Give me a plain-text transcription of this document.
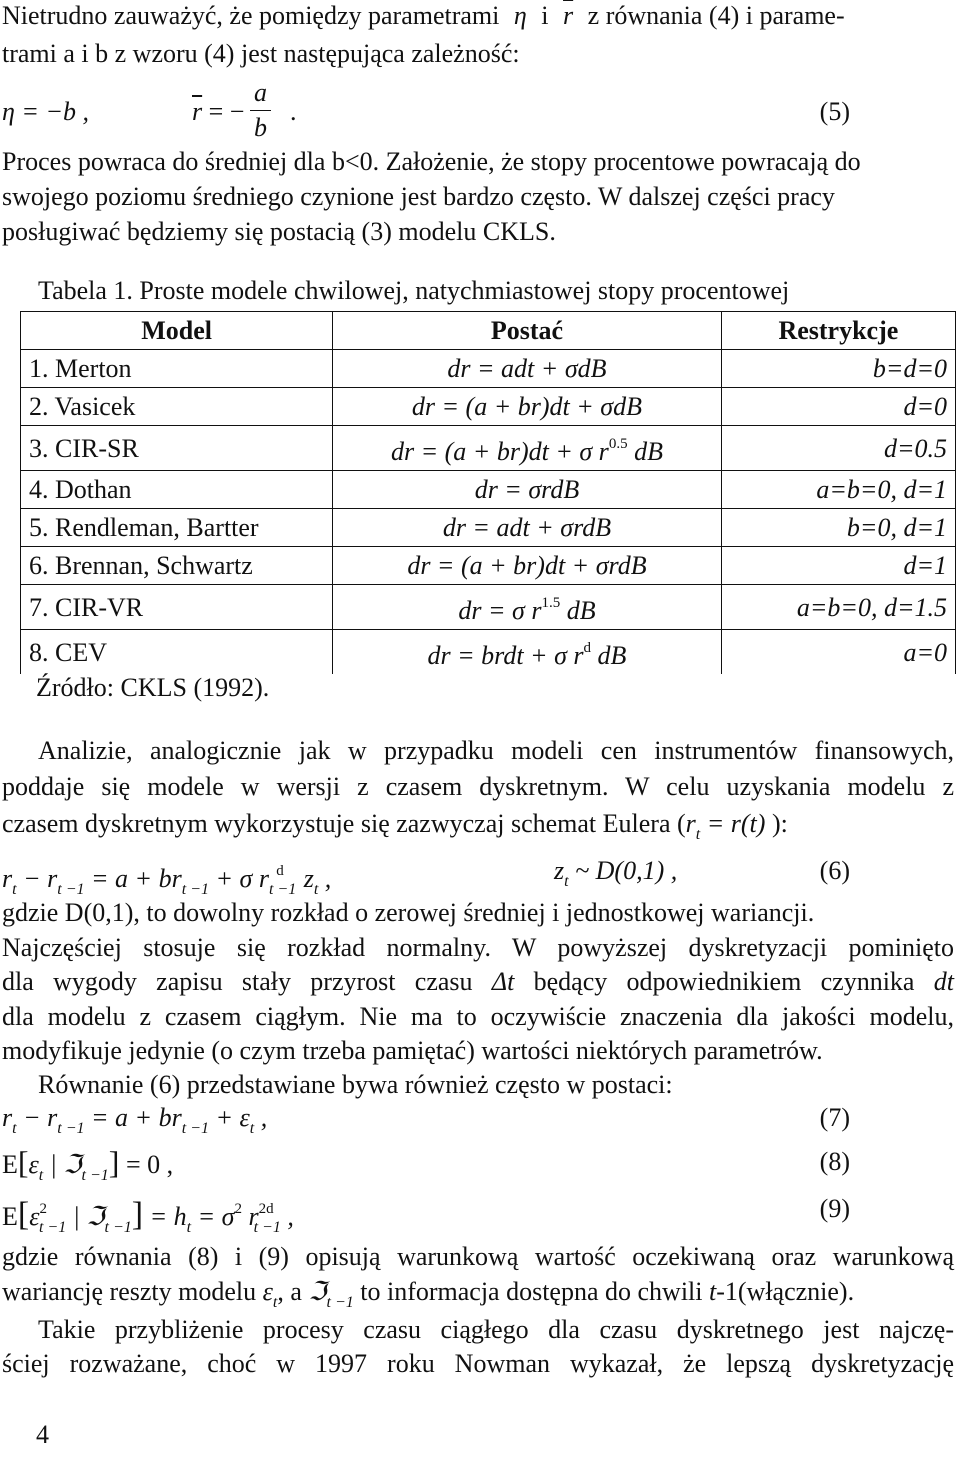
Nietrudno zauważyć, że pomiędzy parametrami η i $\overline{r}$ z równania (4) i parame-
trami a i b z wzoru (4) jest następująca zależność:
η = −b ,	$\overline{r}$ = − $\frac{a}{b}$ .	(5)
Proces powraca do średniej dla b<0. Założenie, że stopy procentowe powracają do
swojego poziomu średniego czynione jest bardzo często. W dalszej części pracy
posługiwać będziemy się postacią (3) modelu CKLS.
Tabela 1. Proste modele chwilowej, natychmiastowej stopy procentowej
Model	Postać	Restrykcje
1. Merton	dr = adt + σdB	b=d=0
2. Vasicek	dr = (a + br)dt + σdB	d=0
3. CIR-SR	dr = (a + br)dt + σ $r^{0.5}$ dB	d=0.5
4. Dothan	dr = σrdB	a=b=0, d=1
5. Rendleman, Bartter	dr = adt + σrdB	b=0, d=1
6. Brennan, Schwartz	dr = (a + br)dt + σrdB	d=1
7. CIR-VR	dr = σ $r^{1.5}$ dB	a=b=0, d=1.5
8. CEV	dr = brdt + σ $r^d$ dB	a=0
Źródło: CKLS (1992).
Analizie, analogicznie jak w przypadku modeli cen instrumentów finansowych,
poddaje się modele w wersji z czasem dyskretnym. W celu uzyskania modelu z
czasem dyskretnym wykorzystuje się zazwyczaj schemat Eulera ($r_t = r(t)$ ):
$r_t - r_{t -1} = a + br_{t -1} + \sigma$ $r_{t -1}^d$ $z_t$ ,	$z_t$ ~ D(0,1) ,	(6)
gdzie D(0,1), to dowolny rozkład o zerowej średniej i jednostkowej wariancji.
Najczęściej stosuje się rozkład normalny. W powyższej dyskretyzacji pominięto
dla wygody zapisu stały przyrost czasu Δt będący odpowiednikiem czynnika dt
dla modelu z czasem ciągłym. Nie ma to oczywiście znaczenia dla jakości modelu,
modyfikuje jedynie (o czym trzeba pamiętać) wartości niektórych parametrów.
Równanie (6) przedstawiane bywa również często w postaci:
$r_t - r_{t -1} = a + br_{t -1} + \varepsilon_t$ ,	(7)
$E[\varepsilon_t$ | ℑ$_{t -1}$] = 0 ,	(8)
$E[\varepsilon^2_{t -1}$ | ℑ$_{t -1}$] = $h_t = \sigma^2$ $r^{2d}_{t -1}$ ,	(9)
gdzie równania (8) i (9) opisują warunkową wartość oczekiwaną oraz warunkową
wariancję reszty modelu $\varepsilon_t$, a ℑ$_{t -1}$ to informacja dostępna do chwili t-1(włącznie).
Takie przybliżenie procesy czasu ciągłego dla czasu dyskretnego jest najczę-
ściej rozważane, choć w 1997 roku Nowman wykazał, że lepszą dyskretyzację
4
